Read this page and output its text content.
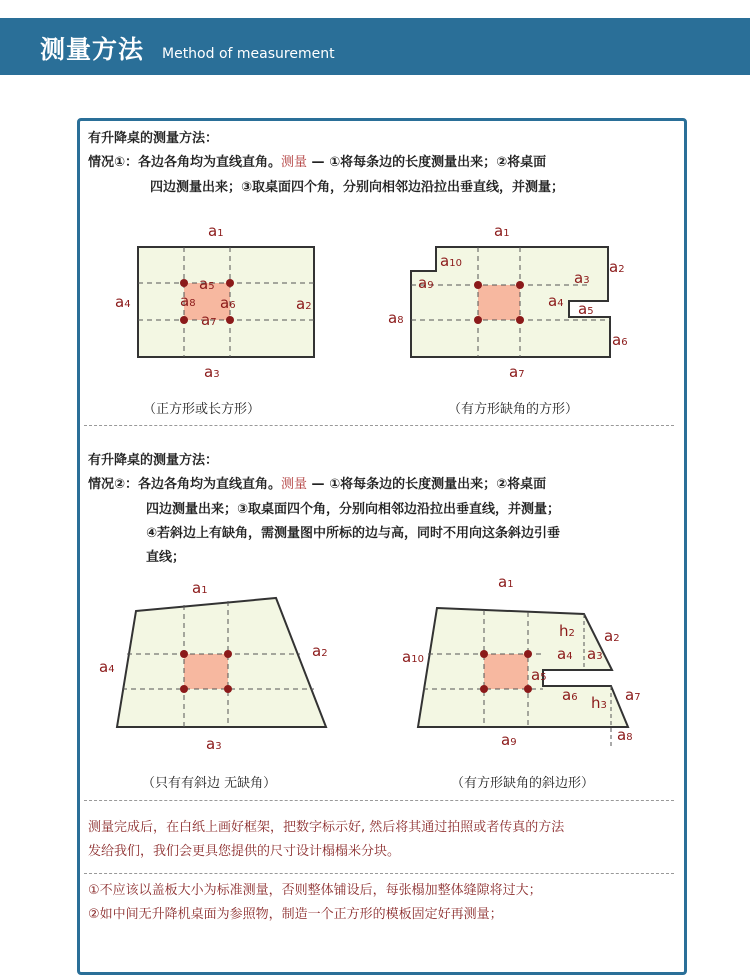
测量方法 Method of measurement
有升降桌的测量方法：
情况①：各边各角均为直线直角。测量 — ①将每条边的长度测量出来；②将桌面
四边测量出来；③取桌面四个角，分别向相邻边沿拉出垂直线，并测量；
a1
a2
a3
a4
a5
a6
a7
a8
a1
a2
a3
a4 a5
a6
a7
a8
a9
a10
（正方形或长方形）	（有方形缺角的方形）
有升降桌的测量方法：
情况②：各边各角均为直线直角。测量 — ①将每条边的长度测量出来；②将桌面
四边测量出来；③取桌面四个角，分别向相邻边沿拉出垂直线，并测量；
④若斜边上有缺角，需测量图中所标的边与高，同时不用向这条斜边引垂
直线；
a1
a2
a3
a4
a1
a2
a3
a4
a5
a6	a7
a8
a9
a10
h2
h3
（只有有斜边 无缺角）	（有方形缺角的斜边形）
测量完成后，在白纸上画好框架，把数字标示好, 然后将其通过拍照或者传真的方法
发给我们，我们会更具您提供的尺寸设计榻榻米分块。
①不应该以盖板大小为标准测量，否则整体铺设后，每张榻加整体缝隙将过大；
②如中间无升降机桌面为参照物，制造一个正方形的模板固定好再测量；
